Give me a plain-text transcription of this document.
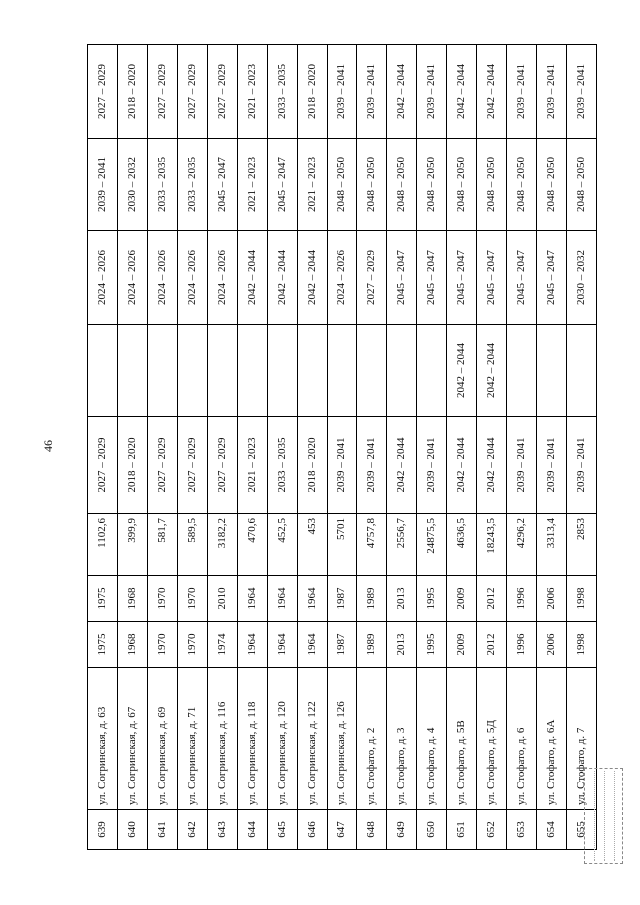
46
639	ул. Согринская, д. 63	1975	1975	1102,6	2027 – 2029		2024 – 2026	2039 – 2041	2027 – 2029
640	ул. Согринская, д. 67	1968	1968	399,9	2018 – 2020		2024 – 2026	2030 – 2032	2018 – 2020
641	ул. Согринская, д. 69	1970	1970	581,7	2027 – 2029		2024 – 2026	2033 – 2035	2027 – 2029
642	ул. Согринская, д. 71	1970	1970	589,5	2027 – 2029		2024 – 2026	2033 – 2035	2027 – 2029
643	ул. Согринская, д. 116	1974	2010	3182,2	2027 – 2029		2024 – 2026	2045 – 2047	2027 – 2029
644	ул. Согринская, д. 118	1964	1964	470,6	2021 – 2023		2042 – 2044	2021 – 2023	2021 – 2023
645	ул. Согринская, д. 120	1964	1964	452,5	2033 – 2035		2042 – 2044	2045 – 2047	2033 – 2035
646	ул. Согринская, д. 122	1964	1964	453	2018 – 2020		2042 – 2044	2021 – 2023	2018 – 2020
647	ул. Согринская, д. 126	1987	1987	5701	2039 – 2041		2024 – 2026	2048 – 2050	2039 – 2041
648	ул. Стофато, д. 2	1989	1989	4757,8	2039 – 2041		2027 – 2029	2048 – 2050	2039 – 2041
649	ул. Стофато, д. 3	2013	2013	2556,7	2042 – 2044		2045 – 2047	2048 – 2050	2042 – 2044
650	ул. Стофато, д. 4	1995	1995	24875,5	2039 – 2041		2045 – 2047	2048 – 2050	2039 – 2041
651	ул. Стофато, д. 5В	2009	2009	4636,5	2042 – 2044	2042 – 2044	2045 – 2047	2048 – 2050	2042 – 2044
652	ул. Стофато, д. 5Д	2012	2012	18243,5	2042 – 2044	2042 – 2044	2045 – 2047	2048 – 2050	2042 – 2044
653	ул. Стофато, д. 6	1996	1996	4296,2	2039 – 2041		2045 – 2047	2048 – 2050	2039 – 2041
654	ул. Стофато, д. 6А	2006	2006	3313,4	2039 – 2041		2045 – 2047	2048 – 2050	2039 – 2041
655	ул. Стофато, д. 7	1998	1998	2853	2039 – 2041		2030 – 2032	2048 – 2050	2039 – 2041
